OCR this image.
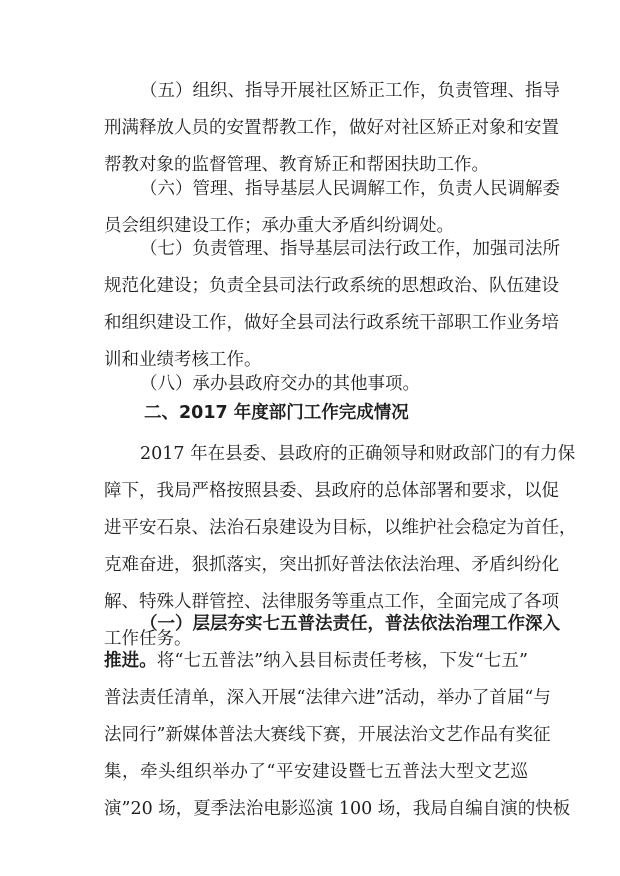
（五）组织、指导开展社区矫正工作，负责管理、指导
刑满释放人员的安置帮教工作，做好对社区矫正对象和安置
帮教对象的监督管理、教育矫正和帮困扶助工作。
（六）管理、指导基层人民调解工作，负责人民调解委
员会组织建设工作；承办重大矛盾纠纷调处。
（七）负责管理、指导基层司法行政工作，加强司法所
规范化建设；负责全县司法行政系统的思想政治、队伍建设
和组织建设工作，做好全县司法行政系统干部职工作业务培
训和业绩考核工作。
（八）承办县政府交办的其他事项。
二、2017 年度部门工作完成情况
2017 年在县委、县政府的正确领导和财政部门的有力保
障下，我局严格按照县委、县政府的总体部署和要求，以促
进平安石泉、法治石泉建设为目标，以维护社会稳定为首任，
克难奋进，狠抓落实，突出抓好普法依法治理、矛盾纠纷化
解、特殊人群管控、法律服务等重点工作，全面完成了各项
工作任务。
（一）层层夯实七五普法责任，普法依法治理工作深入
推进。将“七五普法”纳入县目标责任考核，下发“七五”
普法责任清单，深入开展“法律六进”活动，举办了首届“与
法同行”新媒体普法大赛线下赛，开展法治文艺作品有奖征
集，牵头组织举办了“平安建设暨七五普法大型文艺巡
演”20 场，夏季法治电影巡演 100 场，我局自编自演的快板
